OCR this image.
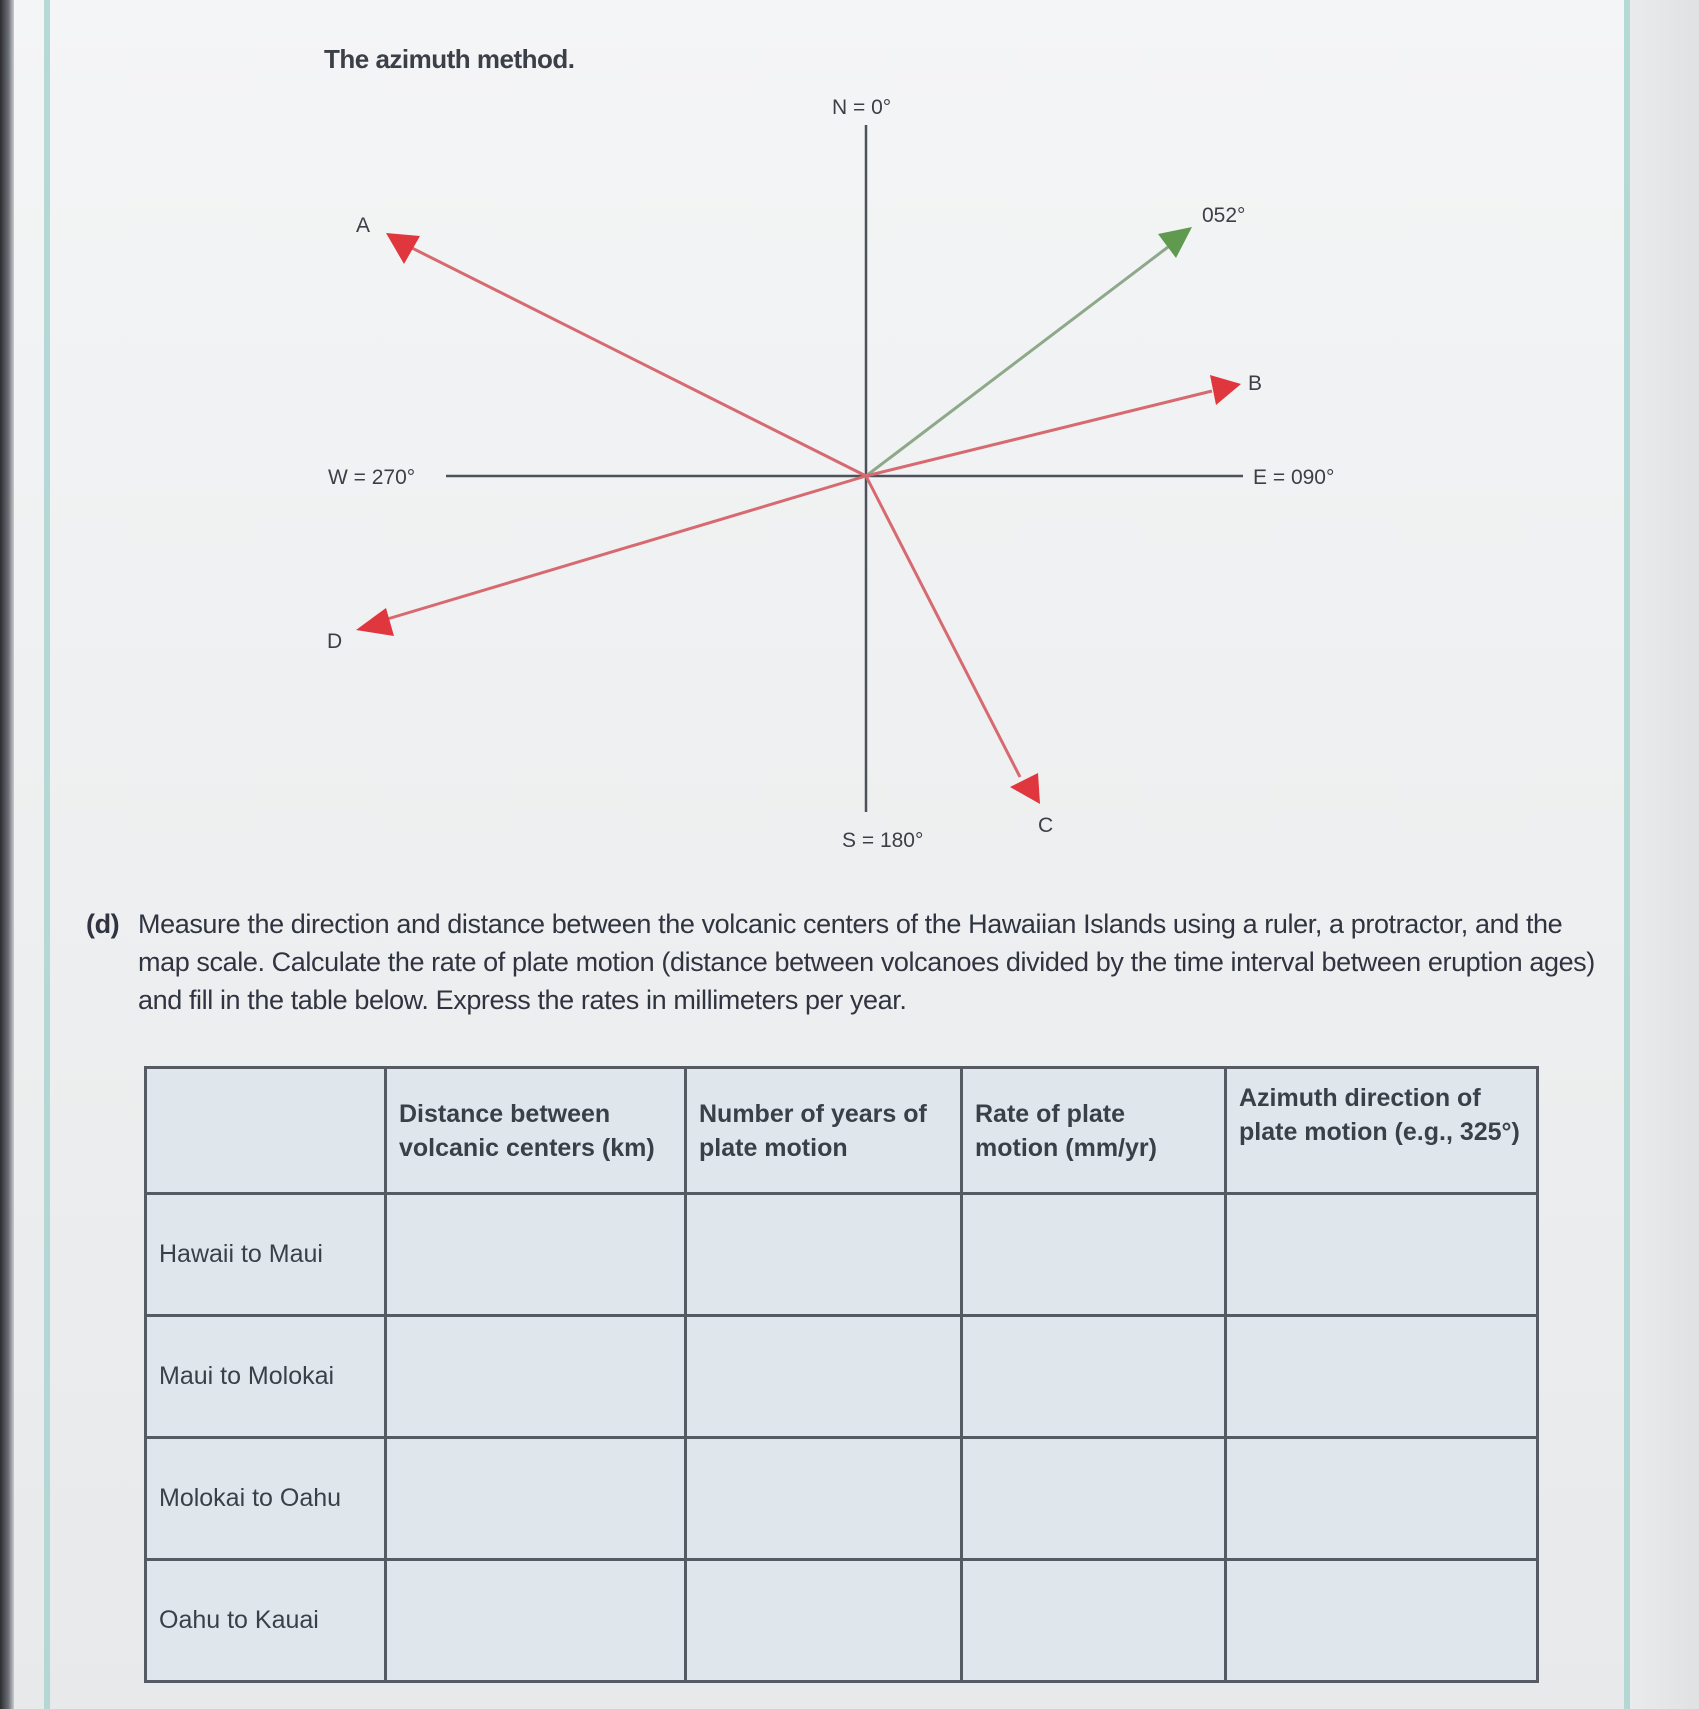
The azimuth method.
N = 0°
S = 180°
E = 090°
W = 270°
A	052°
B
C
D
(d) Measure the direction and distance between the volcanic centers of the Hawaiian Islands using a ruler, a protractor, and the map scale. Calculate the rate of plate motion (distance between volcanoes divided by the time interval between eruption ages) and fill in the table below. Express the rates in millimeters per year.
	Distance between volcanic centers (km)	Number of years of plate motion	Rate of plate motion (mm/yr)	Azimuth direction of plate motion (e.g., 325°)
Hawaii to Maui				
Maui to Molokai				
Molokai to Oahu				
Oahu to Kauai				
